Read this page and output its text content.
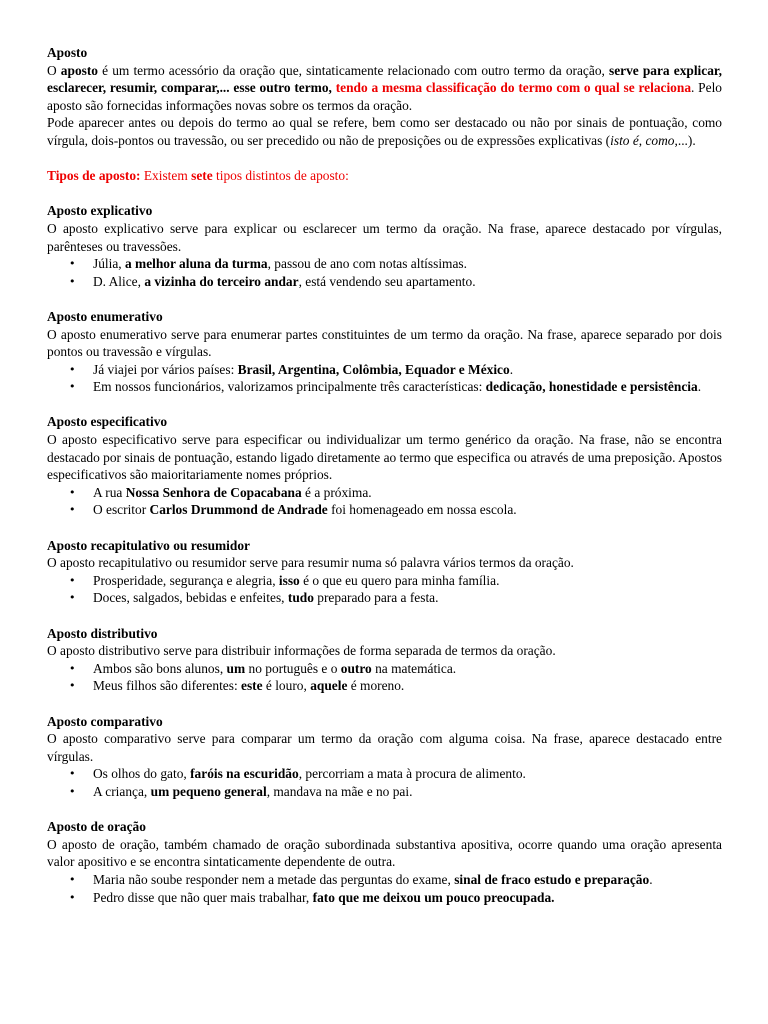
Aposto

O aposto é um termo acessório da oração que, sintaticamente relacionado com outro termo da oração, serve para explicar, esclarecer, resumir, comparar,... esse outro termo, tendo a mesma classificação do termo com o qual se relaciona. Pelo aposto são fornecidas informações novas sobre os termos da oração.

Pode aparecer antes ou depois do termo ao qual se refere, bem como ser destacado ou não por sinais de pontuação, como vírgula, dois-pontos ou travessão, ou ser precedido ou não de preposições ou de expressões explicativas (isto é, como,...).

Tipos de aposto: Existem sete tipos distintos de aposto:

Aposto explicativo

O aposto explicativo serve para explicar ou esclarecer um termo da oração. Na frase, aparece destacado por vírgulas, parênteses ou travessões.

• Júlia, a melhor aluna da turma, passou de ano com notas altíssimas.
• D. Alice, a vizinha do terceiro andar, está vendendo seu apartamento.

Aposto enumerativo

O aposto enumerativo serve para enumerar partes constituintes de um termo da oração. Na frase, aparece separado por dois pontos ou travessão e vírgulas.

• Já viajei por vários países: Brasil, Argentina, Colômbia, Equador e México.
• Em nossos funcionários, valorizamos principalmente três características: dedicação, honestidade e persistência.

Aposto especificativo

O aposto especificativo serve para especificar ou individualizar um termo genérico da oração. Na frase, não se encontra destacado por sinais de pontuação, estando ligado diretamente ao termo que especifica ou através de uma preposição. Apostos especificativos são maioritariamente nomes próprios.

• A rua Nossa Senhora de Copacabana é a próxima.
• O escritor Carlos Drummond de Andrade foi homenageado em nossa escola.

Aposto recapitulativo ou resumidor

O aposto recapitulativo ou resumidor serve para resumir numa só palavra vários termos da oração.

• Prosperidade, segurança e alegria, isso é o que eu quero para minha família.
• Doces, salgados, bebidas e enfeites, tudo preparado para a festa.

Aposto distributivo

O aposto distributivo serve para distribuir informações de forma separada de termos da oração.

• Ambos são bons alunos, um no português e o outro na matemática.
• Meus filhos são diferentes: este é louro, aquele é moreno.

Aposto comparativo

O aposto comparativo serve para comparar um termo da oração com alguma coisa. Na frase, aparece destacado entre vírgulas.

• Os olhos do gato, faróis na escuridão, percorriam a mata à procura de alimento.
• A criança, um pequeno general, mandava na mãe e no pai.

Aposto de oração

O aposto de oração, também chamado de oração subordinada substantiva apositiva, ocorre quando uma oração apresenta valor apositivo e se encontra sintaticamente dependente de outra.

• Maria não soube responder nem a metade das perguntas do exame, sinal de fraco estudo e preparação.
• Pedro disse que não quer mais trabalhar, fato que me deixou um pouco preocupada.
